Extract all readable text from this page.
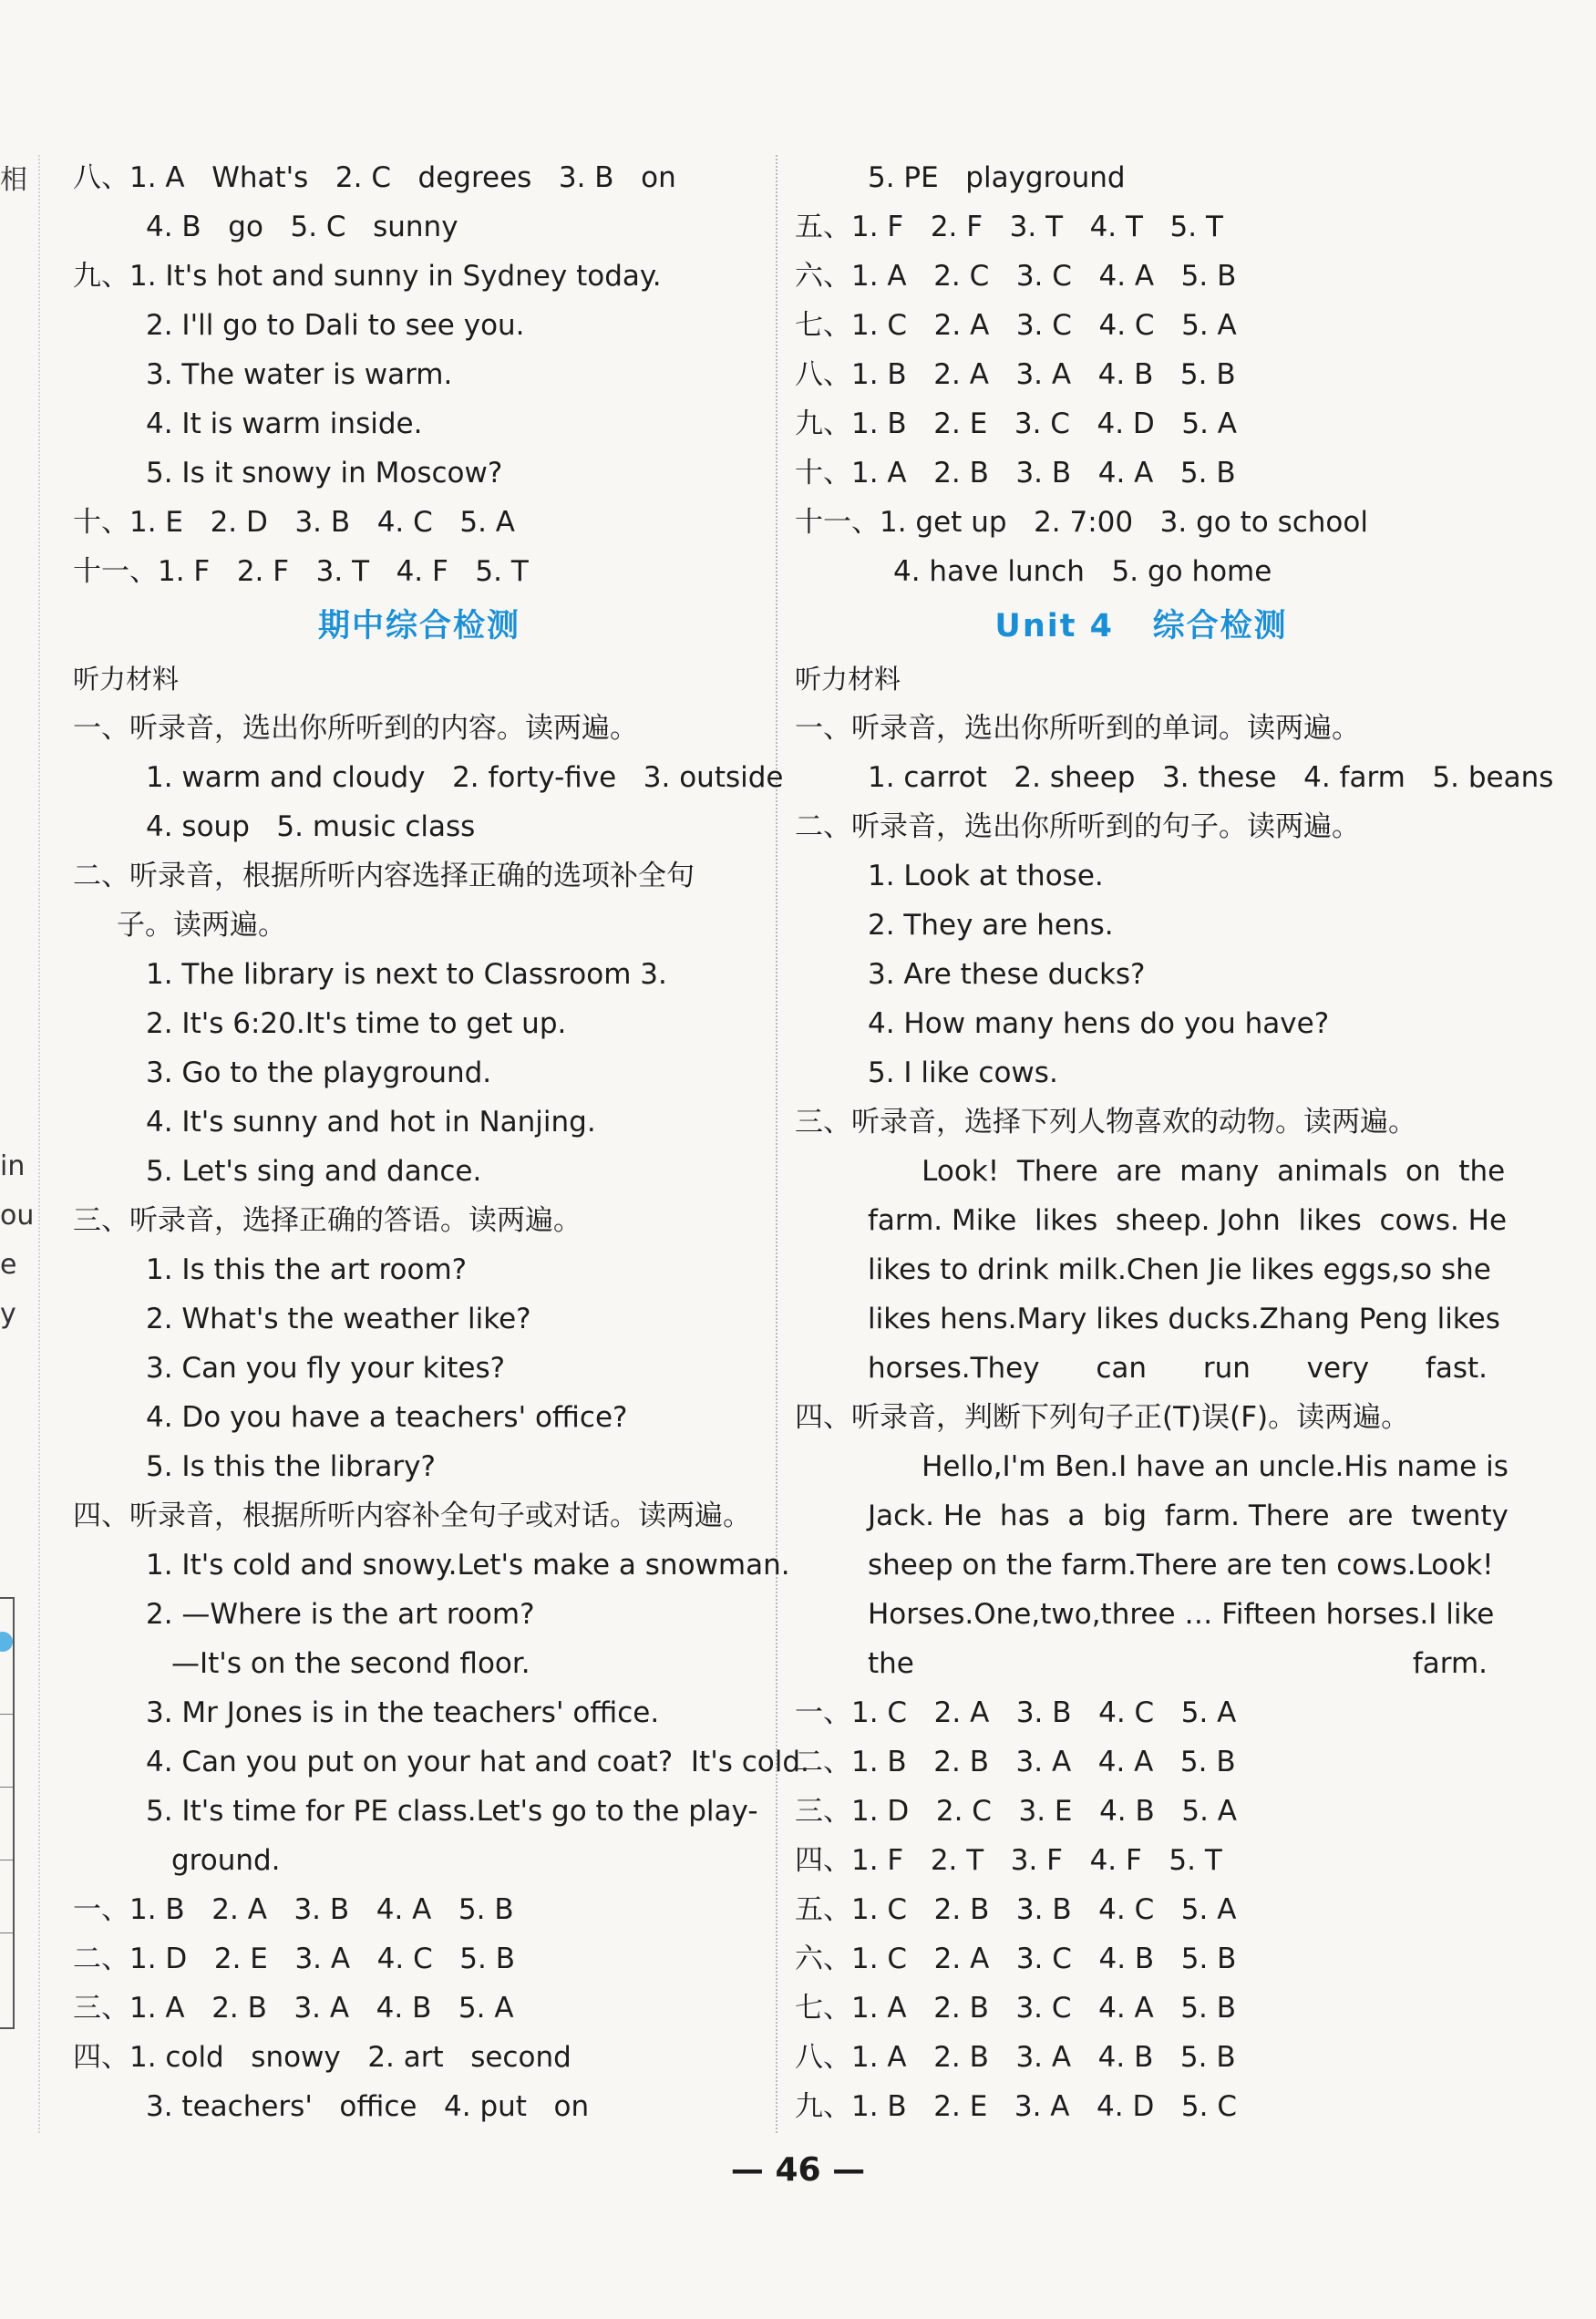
相
in
ou
e
y
八、1. A   What's   2. C   degrees   3. B   on
4. B   go   5. C   sunny
九、1. It's hot and sunny in Sydney today.
2. I'll go to Dali to see you.
3. The water is warm.
4. It is warm inside.
5. Is it snowy in Moscow?
十、1. E   2. D   3. B   4. C   5. A
十一、1. F   2. F   3. T   4. F   5. T
期中综合检测
听力材料
一、听录音，选出你所听到的内容。读两遍。
1. warm and cloudy   2. forty-five   3. outside
4. soup   5. music class
二、听录音，根据所听内容选择正确的选项补全句
子。读两遍。
1. The library is next to Classroom 3.
2. It's 6:20.It's time to get up.
3. Go to the playground.
4. It's sunny and hot in Nanjing.
5. Let's sing and dance.
三、听录音，选择正确的答语。读两遍。
1. Is this the art room?
2. What's the weather like?
3. Can you fly your kites?
4. Do you have a teachers' office?
5. Is this the library?
四、听录音，根据所听内容补全句子或对话。读两遍。
1. It's cold and snowy.Let's make a snowman.
2. —Where is the art room?
—It's on the second floor.
3. Mr Jones is in the teachers' office.
4. Can you put on your hat and coat?  It's cold.
5. It's time for PE class.Let's go to the play-
ground.
一、1. B   2. A   3. B   4. A   5. B
二、1. D   2. E   3. A   4. C   5. B
三、1. A   2. B   3. A   4. B   5. A
四、1. cold   snowy   2. art   second
3. teachers'   office   4. put   on
5. PE   playground
五、1. F   2. F   3. T   4. T   5. T
六、1. A   2. C   3. C   4. A   5. B
七、1. C   2. A   3. C   4. C   5. A
八、1. B   2. A   3. A   4. B   5. B
九、1. B   2. E   3. C   4. D   5. A
十、1. A   2. B   3. B   4. A   5. B
十一、1. get up   2. 7:00   3. go to school
4. have lunch   5. go home
Unit 4   综合检测
听力材料
一、听录音，选出你所听到的单词。读两遍。
1. carrot   2. sheep   3. these   4. farm   5. beans
二、听录音，选出你所听到的句子。读两遍。
1. Look at those.
2. They are hens.
3. Are these ducks?
4. How many hens do you have?
5. I like cows.
三、听录音，选择下列人物喜欢的动物。读两遍。
Look!  There  are  many  animals  on  the
farm. Mike  likes  sheep. John  likes  cows. He
likes to drink milk.Chen Jie likes eggs,so she
likes hens.Mary likes ducks.Zhang Peng likes
horses.They can run very fast.
四、听录音，判断下列句子正(T)误(F)。读两遍。
Hello,I'm Ben.I have an uncle.His name is
Jack. He  has  a  big  farm. There  are  twenty
sheep on the farm.There are ten cows.Look!
Horses.One,two,three … Fifteen horses.I like
the farm.
一、1. C   2. A   3. B   4. C   5. A
二、1. B   2. B   3. A   4. A   5. B
三、1. D   2. C   3. E   4. B   5. A
四、1. F   2. T   3. F   4. F   5. T
五、1. C   2. B   3. B   4. C   5. A
六、1. C   2. A   3. C   4. B   5. B
七、1. A   2. B   3. C   4. A   5. B
八、1. A   2. B   3. A   4. B   5. B
九、1. B   2. E   3. A   4. D   5. C
— 46 —
